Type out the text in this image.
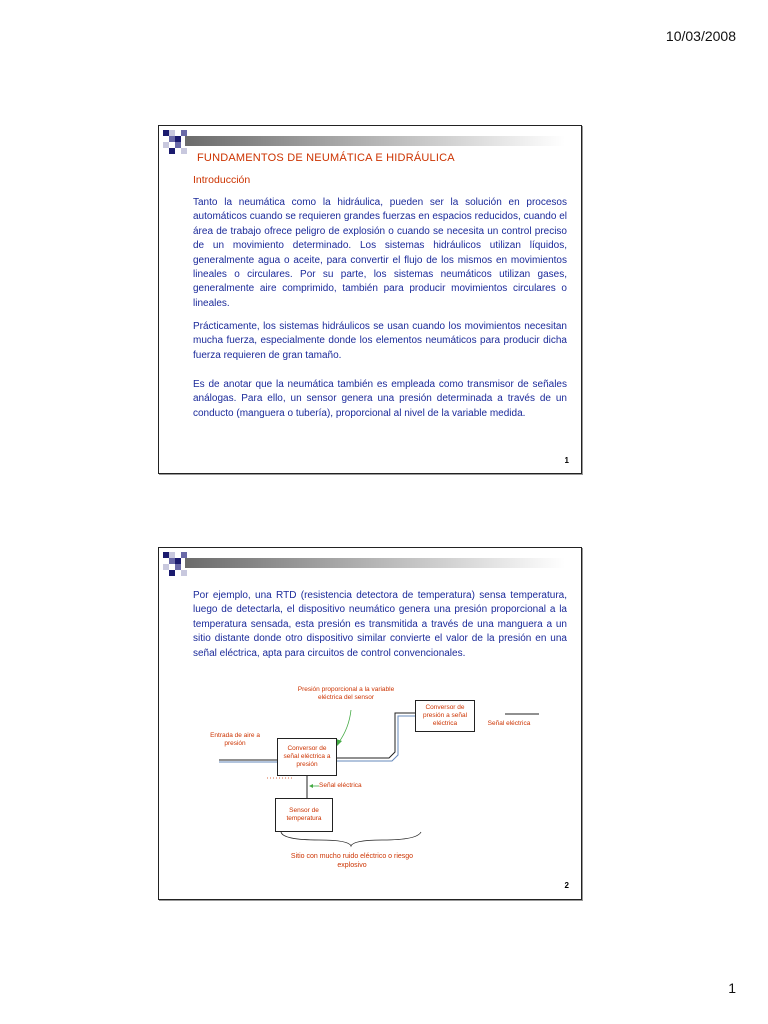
10/03/2008
FUNDAMENTOS DE NEUMÁTICA E HIDRÁULICA
Introducción

Tanto la neumática como la hidráulica, pueden ser la solución en procesos automáticos cuando se requieren grandes fuerzas en espacios reducidos, cuando el área de trabajo ofrece peligro de explosión o cuando se necesita un control preciso de un movimiento determinado. Los sistemas hidráulicos utilizan líquidos, generalmente agua o aceite, para convertir el flujo de los mismos en movimientos lineales o circulares. Por su parte, los sistemas neumáticos utilizan gases, generalmente aire comprimido, también para producir movimientos circulares o lineales.

Prácticamente, los sistemas hidráulicos se usan cuando los movimientos necesitan mucha fuerza, especialmente donde los elementos neumáticos para producir dicha fuerza requieren de gran tamaño.

Es de anotar que la neumática también es empleada como transmisor de señales análogas. Para ello, un sensor genera una presión determinada a través de un conducto (manguera o tubería), proporcional al nivel de la variable medida.

1

Por ejemplo, una RTD (resistencia detectora de temperatura) sensa temperatura, luego de detectarla, el dispositivo neumático genera una presión proporcional a la temperatura sensada, esta presión es transmitida a través de una manguera a un sitio distante donde otro dispositivo similar convierte el valor de la presión en una señal eléctrica, apta para circuitos de control convencionales.

Presión proporcional a la variable eléctrica del sensor
Entrada de aire a presión
Conversor de señal eléctrica a presión
Conversor de presión a señal eléctrica	Señal eléctrica
Señal eléctrica
Sensor de temperatura
Sitio con mucho ruido eléctrico o riesgo explosivo
2
1
